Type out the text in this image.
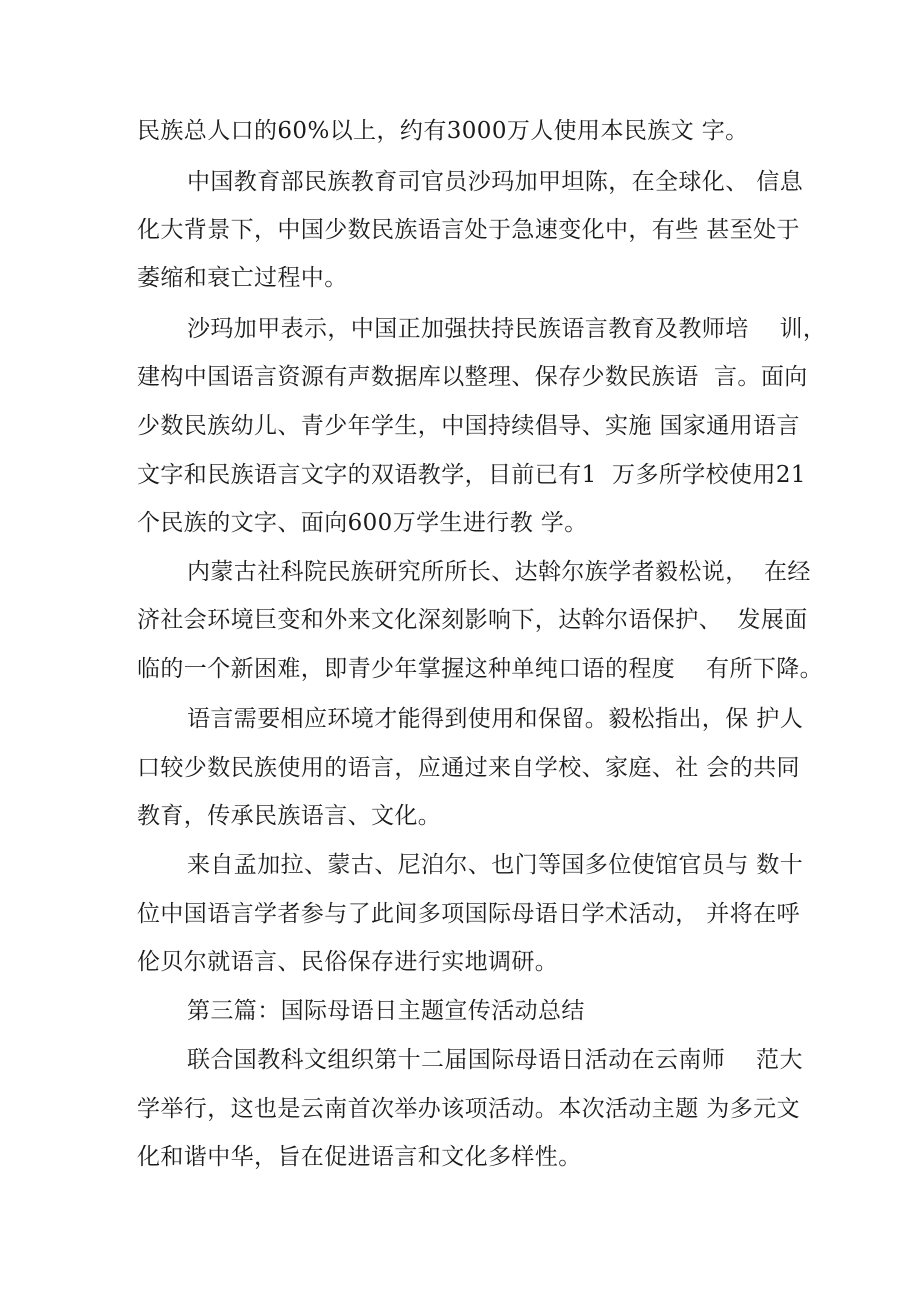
民族总人口的60%以上，约有3000万人使用本民族文 字。
中国教育部民族教育司官员沙玛加甲坦陈，在全球化、 信息
化大背景下，中国少数民族语言处于急速变化中，有些 甚至处于
萎缩和衰亡过程中。
沙玛加甲表示，中国正加强扶持民族语言教育及教师培    训，
建构中国语言资源有声数据库以整理、保存少数民族语  言。面向
少数民族幼儿、青少年学生，中国持续倡导、实施 国家通用语言
文字和民族语言文字的双语教学，目前已有1  万多所学校使用21
个民族的文字、面向600万学生进行教 学。
内蒙古社科院民族研究所所长、达斡尔族学者毅松说，  在经
济社会环境巨变和外来文化深刻影响下，达斡尔语保护、  发展面
临的一个新困难，即青少年掌握这种单纯口语的程度    有所下降。
语言需要相应环境才能得到使用和保留。毅松指出，保 护人
口较少数民族使用的语言，应通过来自学校、家庭、社 会的共同
教育，传承民族语言、文化。
来自孟加拉、蒙古、尼泊尔、也门等国多位使馆官员与 数十
位中国语言学者参与了此间多项国际母语日学术活动， 并将在呼
伦贝尔就语言、民俗保存进行实地调研。
第三篇：国际母语日主题宣传活动总结
联合国教科文组织第十二届国际母语日活动在云南师    范大
学举行，这也是云南首次举办该项活动。本次活动主题 为多元文
化和谐中华，旨在促进语言和文化多样性。
